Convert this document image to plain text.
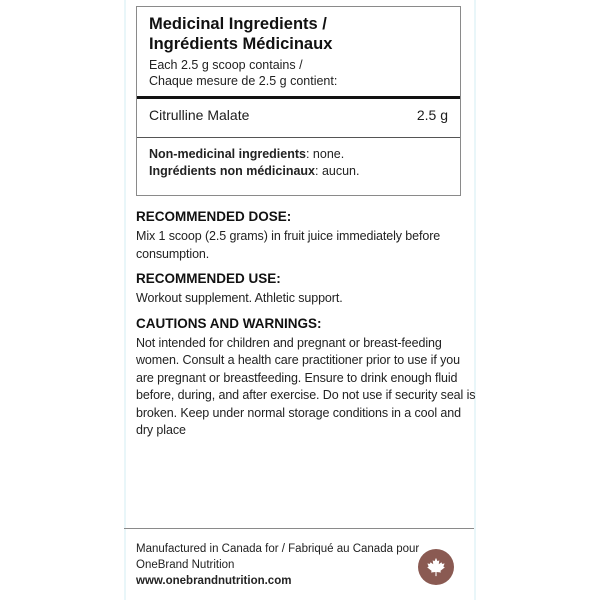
Medicinal Ingredients /
Ingrédients Médicinaux
Each 2.5 g scoop contains /
Chaque mesure de 2.5 g contient:
Citrulline Malate	2.5 g
Non-medicinal ingredients: none.
Ingrédients non médicinaux: aucun.
RECOMMENDED DOSE:
Mix 1 scoop (2.5 grams) in fruit juice immediately before consumption.
RECOMMENDED USE:
Workout supplement. Athletic support.
CAUTIONS AND WARNINGS:
Not intended for children and pregnant or breast-feeding women. Consult a health care practitioner prior to use if you are pregnant or breastfeeding. Ensure to drink enough fluid before, during, and after exercise. Do not use if security seal is broken. Keep under normal storage conditions in a cool and dry place
Manufactured in Canada for / Fabriqué au Canada pour
OneBrand Nutrition
www.onebrandnutrition.com
